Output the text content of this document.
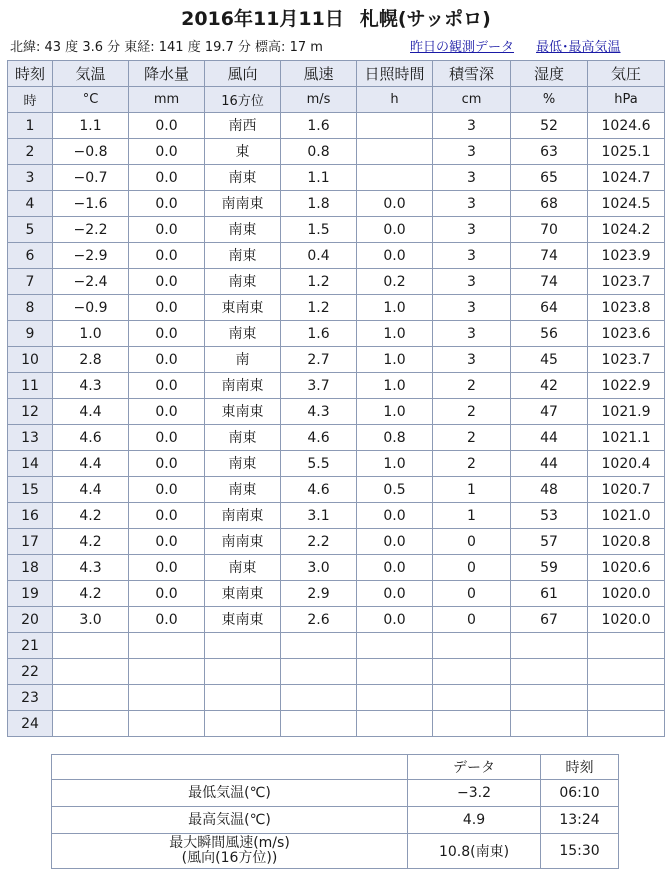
2016年11月11日 札幌(サッポロ)
北緯: 43 度 3.6 分 東経: 141 度 19.7 分 標高: 17 m	昨日の観測データ 最低･最高気温
時刻	気温	降水量	風向	風速	日照時間	積雪深	湿度	気圧
時	°C	mm	16方位	m/s	h	cm	%	hPa
1	1.1	0.0	南西	1.6		3	52	1024.6
2	−0.8	0.0	東	0.8		3	63	1025.1
3	−0.7	0.0	南東	1.1		3	65	1024.7
4	−1.6	0.0	南南東	1.8	0.0	3	68	1024.5
5	−2.2	0.0	南東	1.5	0.0	3	70	1024.2
6	−2.9	0.0	南東	0.4	0.0	3	74	1023.9
7	−2.4	0.0	南東	1.2	0.2	3	74	1023.7
8	−0.9	0.0	東南東	1.2	1.0	3	64	1023.8
9	1.0	0.0	南東	1.6	1.0	3	56	1023.6
10	2.8	0.0	南	2.7	1.0	3	45	1023.7
11	4.3	0.0	南南東	3.7	1.0	2	42	1022.9
12	4.4	0.0	東南東	4.3	1.0	2	47	1021.9
13	4.6	0.0	南東	4.6	0.8	2	44	1021.1
14	4.4	0.0	南東	5.5	1.0	2	44	1020.4
15	4.4	0.0	南東	4.6	0.5	1	48	1020.7
16	4.2	0.0	南南東	3.1	0.0	1	53	1021.0
17	4.2	0.0	南南東	2.2	0.0	0	57	1020.8
18	4.3	0.0	南東	3.0	0.0	0	59	1020.6
19	4.2	0.0	東南東	2.9	0.0	0	61	1020.0
20	3.0	0.0	東南東	2.6	0.0	0	67	1020.0
21								
22								
23								
24								
	データ	時刻

最低気温(℃)	−3.2	06:10

最高気温(℃)	4.9	13:24

最大瞬間風速(m/s)
(風向(16方位))	10.8(南東)	15:30
